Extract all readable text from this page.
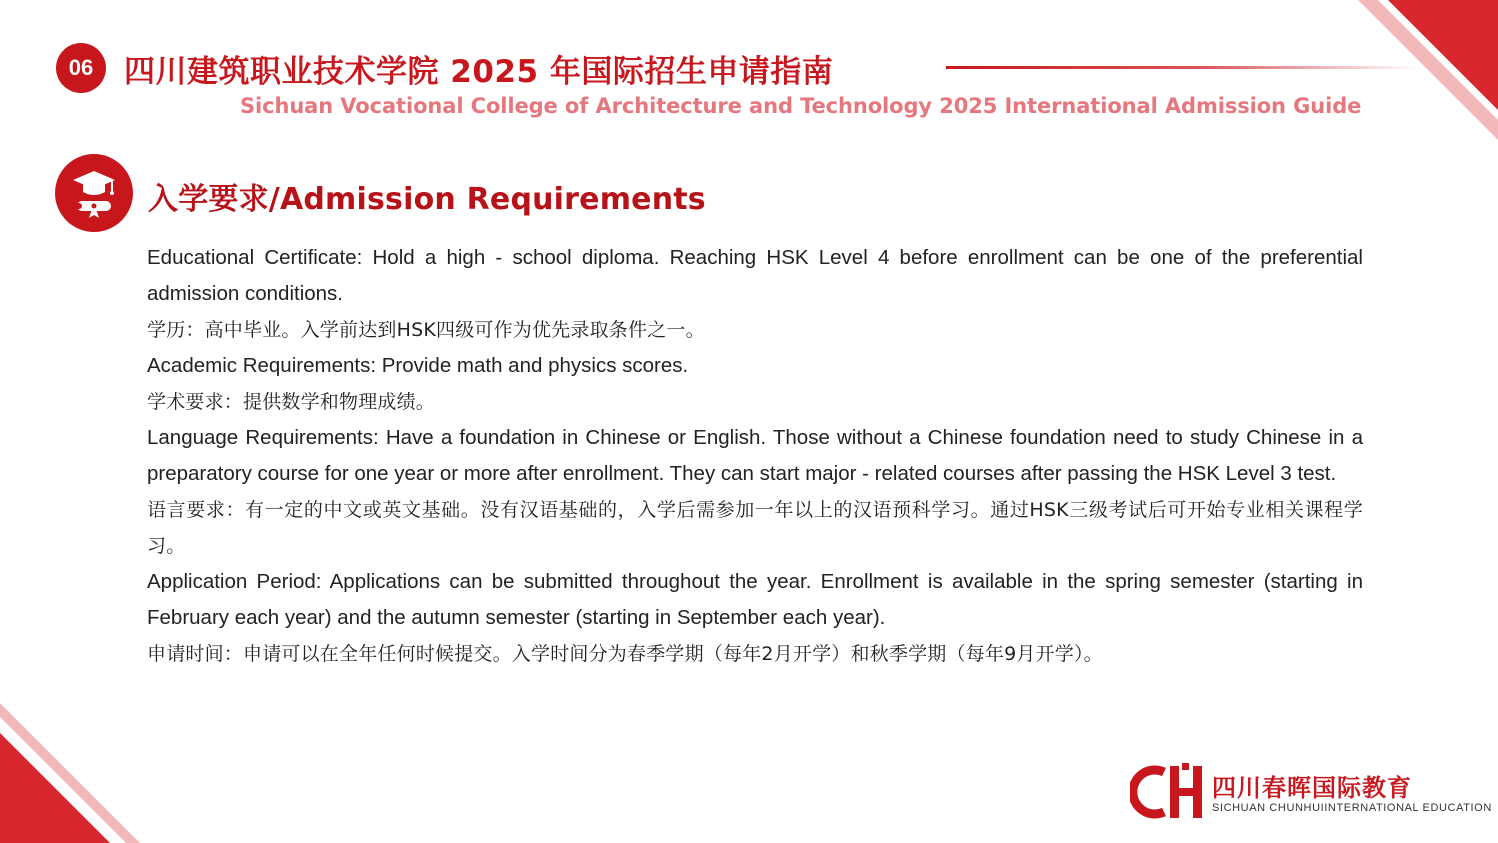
06 四川建筑职业技术学院 2025 年国际招生申请指南
Sichuan Vocational College of Architecture and Technology 2025 International Admission Guide
入学要求/Admission Requirements

Educational Certificate: Hold a high - school diploma. Reaching HSK Level 4 before enrollment can be one of the preferential admission conditions.

学历：高中毕业。入学前达到HSK四级可作为优先录取条件之一。

Academic Requirements: Provide math and physics scores.

学术要求：提供数学和物理成绩。

Language Requirements: Have a foundation in Chinese or English. Those without a Chinese foundation need to study Chinese in a preparatory course for one year or more after enrollment. They can start major - related courses after passing the HSK Level 3 test.

语言要求：有一定的中文或英文基础。没有汉语基础的，入学后需参加一年以上的汉语预科学习。通过HSK三级考试后可开始专业相关课程学习。

Application Period: Applications can be submitted throughout the year. Enrollment is available in the spring semester (starting in February each year) and the autumn semester (starting in September each year).

申请时间：申请可以在全年任何时候提交。入学时间分为春季学期（每年2月开学）和秋季学期（每年9月开学）。

四川春晖国际教育
SICHUAN CHUNHUIINTERNATIONAL EDUCATION
